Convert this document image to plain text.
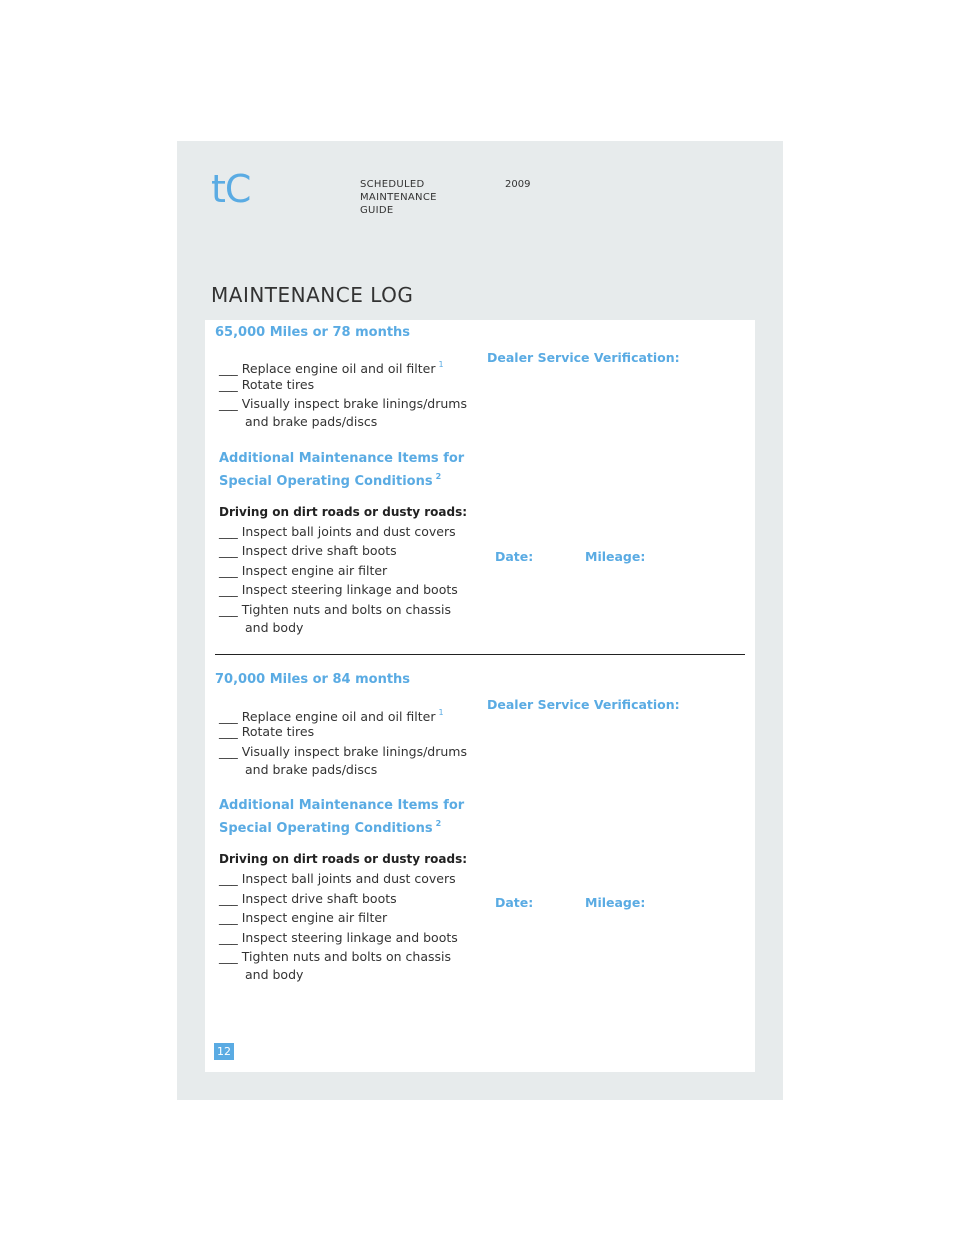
tC	SCHEDULED
MAINTENANCE
GUIDE
2009
MAINTENANCE LOG
65,000 Miles or 78 months
___ Replace engine oil and oil filter $^1$
___ Rotate tires
___ Visually inspect brake linings/drums
and brake pads/discs
Additional Maintenance Items for
Special Operating Conditions $^2$
Driving on dirt roads or dusty roads:
___ Inspect ball joints and dust covers
___ Inspect drive shaft boots
___ Inspect engine air filter
___ Inspect steering linkage and boots
___ Tighten nuts and bolts on chassis
and body
Dealer Service Verification:
Date:	Mileage:
70,000 Miles or 84 months
___ Replace engine oil and oil filter $^1$
___ Rotate tires
___ Visually inspect brake linings/drums
and brake pads/discs
Additional Maintenance Items for
Special Operating Conditions $^2$
Driving on dirt roads or dusty roads:
___ Inspect ball joints and dust covers
___ Inspect drive shaft boots
___ Inspect engine air filter
___ Inspect steering linkage and boots
___ Tighten nuts and bolts on chassis
and body
Dealer Service Verification:
Date:	Mileage:
12
